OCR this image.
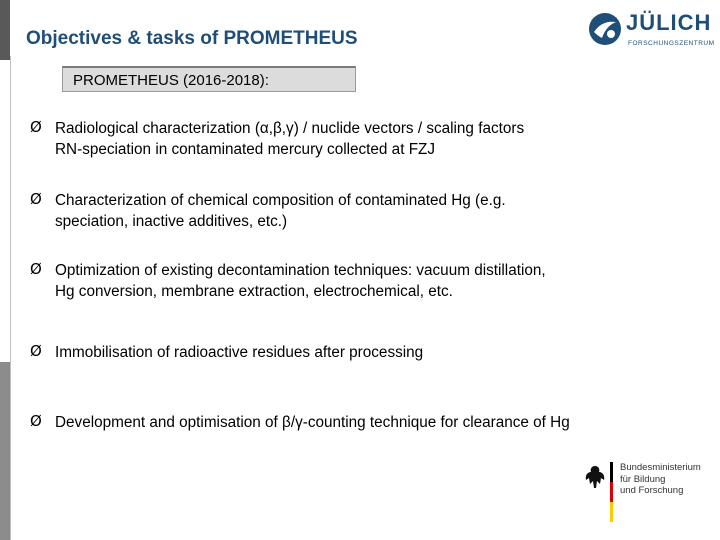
Objectives & tasks of PROMETHEUS
JÜLICH
FORSCHUNGSZENTRUM
PROMETHEUS (2016-2018):
Ø Radiological characterization (α,β,γ) / nuclide vectors / scaling factors
RN-speciation in contaminated mercury collected at FZJ
Ø Characterization of chemical composition of contaminated Hg (e.g.
speciation, inactive additives, etc.)
Ø Optimization of existing decontamination techniques: vacuum distillation,
Hg conversion, membrane extraction, electrochemical, etc.
Ø Immobilisation of radioactive residues after processing
Ø Development and optimisation of β/γ-counting technique for clearance of Hg
Bundesministerium
für Bildung
und Forschung
